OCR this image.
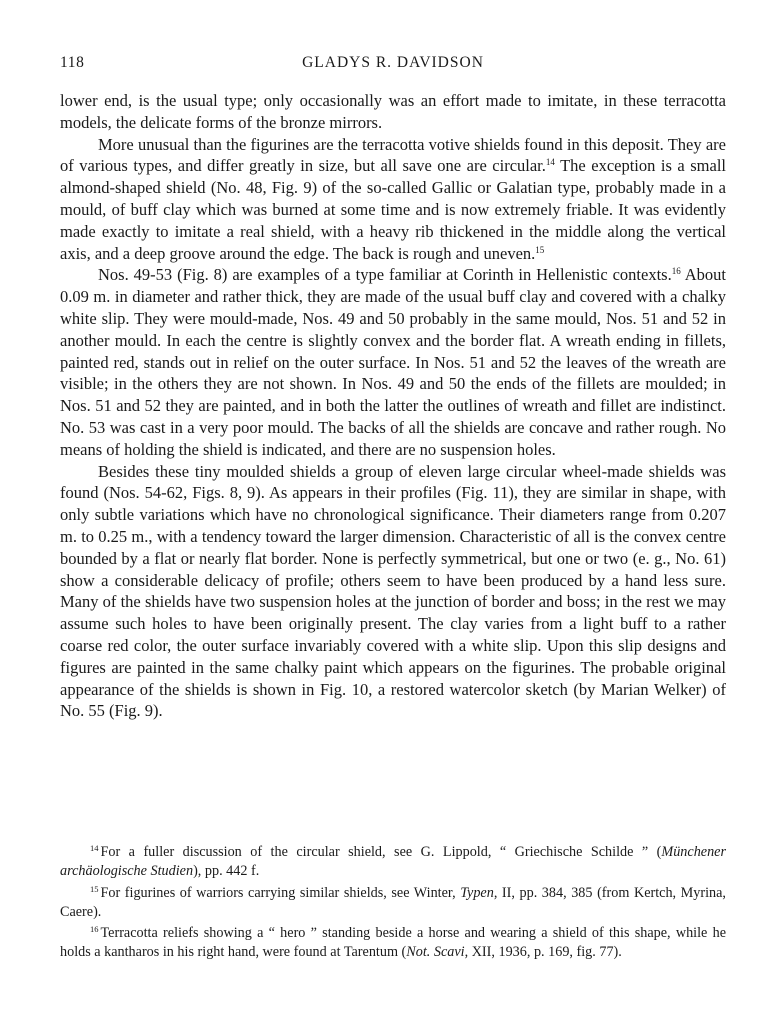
118	GLADYS R. DAVIDSON

lower end, is the usual type; only occasionally was an effort made to imitate, in these terracotta models, the delicate forms of the bronze mirrors.

More unusual than the figurines are the terracotta votive shields found in this deposit. They are of various types, and differ greatly in size, but all save one are circular.$^{14}$ The exception is a small almond-shaped shield (No. 48, Fig. 9) of the so-called Gallic or Galatian type, probably made in a mould, of buff clay which was burned at some time and is now extremely friable. It was evidently made exactly to imitate a real shield, with a heavy rib thickened in the middle along the vertical axis, and a deep groove around the edge. The back is rough and uneven.$^{15}$

Nos. 49-53 (Fig. 8) are examples of a type familiar at Corinth in Hellenistic contexts.$^{16}$ About 0.09 m. in diameter and rather thick, they are made of the usual buff clay and covered with a chalky white slip. They were mould-made, Nos. 49 and 50 probably in the same mould, Nos. 51 and 52 in another mould. In each the centre is slightly convex and the border flat. A wreath ending in fillets, painted red, stands out in relief on the outer surface. In Nos. 51 and 52 the leaves of the wreath are visible; in the others they are not shown. In Nos. 49 and 50 the ends of the fillets are moulded; in Nos. 51 and 52 they are painted, and in both the latter the outlines of wreath and fillet are indistinct. No. 53 was cast in a very poor mould. The backs of all the shields are concave and rather rough. No means of holding the shield is indicated, and there are no suspension holes.

Besides these tiny moulded shields a group of eleven large circular wheel-made shields was found (Nos. 54-62, Figs. 8, 9). As appears in their profiles (Fig. 11), they are similar in shape, with only subtle variations which have no chronological significance. Their diameters range from 0.207 m. to 0.25 m., with a tendency toward the larger dimension. Characteristic of all is the convex centre bounded by a flat or nearly flat border. None is perfectly symmetrical, but one or two (e. g., No. 61) show a considerable delicacy of profile; others seem to have been produced by a hand less sure. Many of the shields have two suspension holes at the junction of border and boss; in the rest we may assume such holes to have been originally present. The clay varies from a light buff to a rather coarse red color, the outer surface invariably covered with a white slip. Upon this slip designs and figures are painted in the same chalky paint which appears on the figurines. The probable original appearance of the shields is shown in Fig. 10, a restored watercolor sketch (by Marian Welker) of No. 55 (Fig. 9).

$^{14}$ For a fuller discussion of the circular shield, see G. Lippold, “ Griechische Schilde ” (Münchener archäologische Studien), pp. 442 f.

$^{15}$ For figurines of warriors carrying similar shields, see Winter, Typen, II, pp. 384, 385 (from Kertch, Myrina, Caere).

$^{16}$ Terracotta reliefs showing a “ hero ” standing beside a horse and wearing a shield of this shape, while he holds a kantharos in his right hand, were found at Tarentum (Not. Scavi, XII, 1936, p. 169, fig. 77).
